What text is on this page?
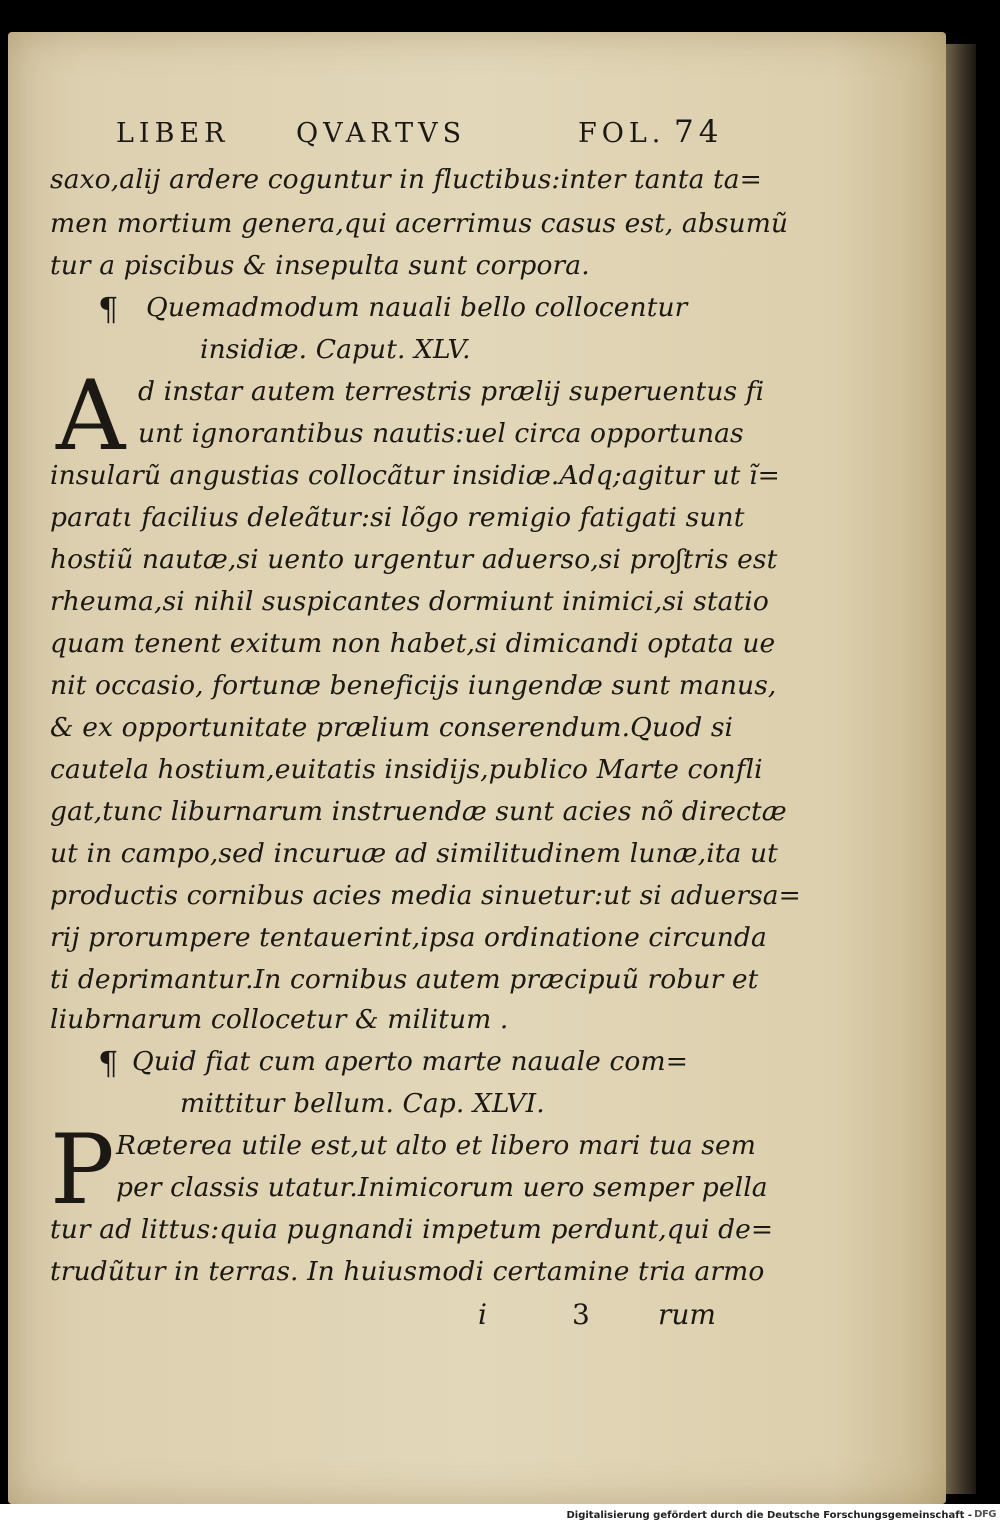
LIBER QVARTVS	FOL. 74
saxo,alij ardere coguntur in fluctibus:inter tanta ta=
men mortium genera,qui acerrimus casus est, absumũ
tur a piscibus & insepulta sunt corpora.
¶ Quemadmodum nauali bello collocentur
insidiæ. Caput. XLV.
A d instar autem terrestris prælij superuentus fi
unt ignorantibus nautis:uel circa opportunas
insularũ angustias collocãtur insidiæ.Adq;agitur ut ĩ=
paratι facilius deleãtur:si lõgo remigio fatigati sunt
hostiũ nautæ,si uento urgentur aduerso,si proʃtris est
rheuma,si nihil suspicantes dormiunt inimici,si statio
quam tenent exitum non habet,si dimicandi optata ue
nit occasio, fortunæ beneficijs iungendæ sunt manus,
& ex opportunitate prælium conserendum.Quod si
cautela hostium,euitatis insidijs,publico Marte confli
gat,tunc liburnarum instruendæ sunt acies nõ directæ
ut in campo,sed incuruæ ad similitudinem lunæ,ita ut
productis cornibus acies media sinuetur:ut si aduersa=
rij prorumpere tentauerint,ipsa ordinatione circunda
ti deprimantur.In cornibus autem præcipuũ robur et
liubrnarum collocetur & militum .
¶ Quid fiat cum aperto marte nauale com=
mittitur bellum. Cap. XLVI.
P Ræterea utile est,ut alto et libero mari tua sem
per classis utatur.Inimicorum uero semper pella
tur ad littus:quia pugnandi impetum perdunt,qui de=
trudũtur in terras. In huiusmodi certamine tria armo
i	3 rum
Digitalisierung gefördert durch die Deutsche Forschungsgemeinschaft - DFG
